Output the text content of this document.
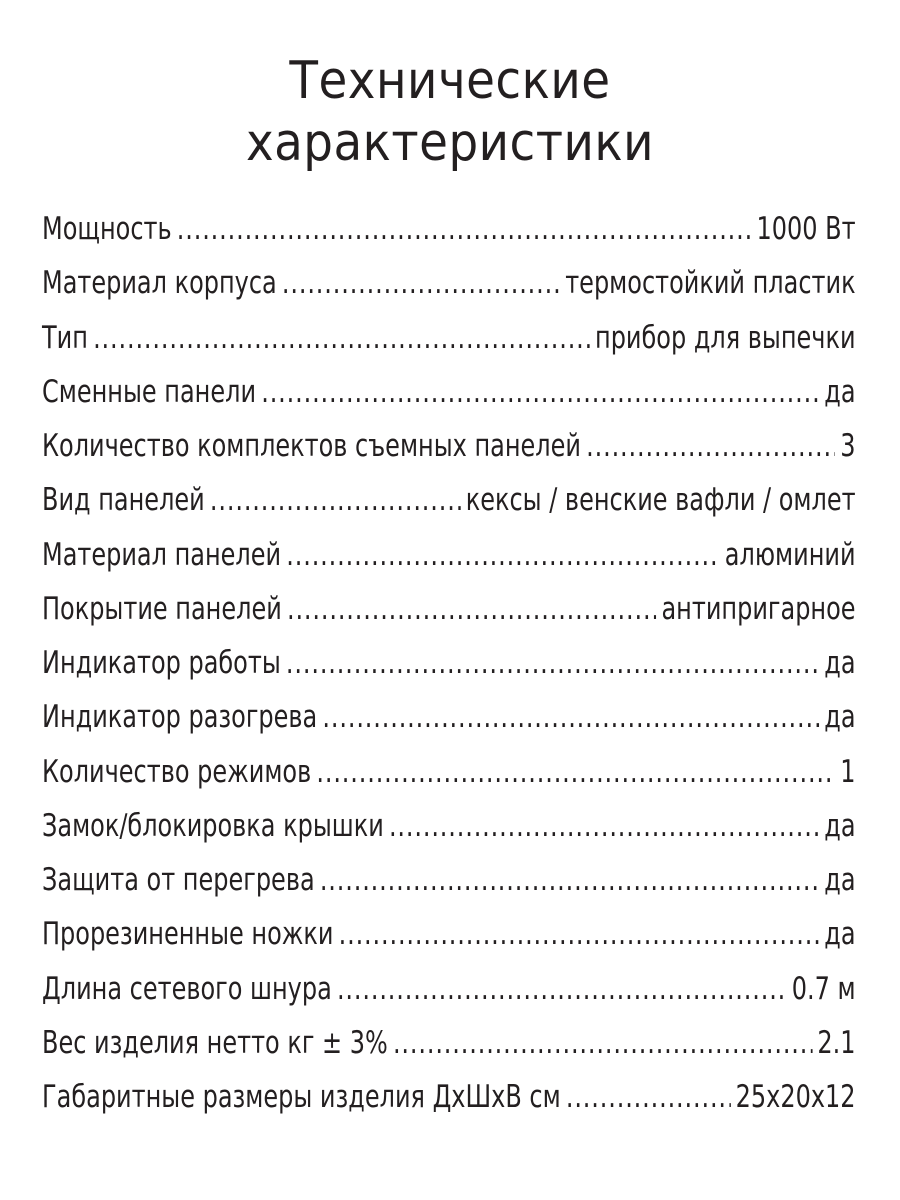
Технические
характеристики
Мощность .....	1000 Вт
Материал корпуса .....	термостойкий пластик
Тип .....	прибор для выпечки
Сменные панели .....	да
Количество комплектов съемных панелей .....	3
Вид панелей .....	кексы / венские вафли / омлет
Материал панелей .....	алюминий
Покрытие панелей .....	антипригарное
Индикатор работы .....	да
Индикатор разогрева .....	да
Количество режимов .....	1
Замок/блокировка крышки .....	да
Защита от перегрева .....	да
Прорезиненные ножки .....	да
Длина сетевого шнура .....	0.7 м
Вес изделия нетто кг ± 3% .....	2.1
Габаритные размеры изделия ДхШхВ см .....	25x20x12
